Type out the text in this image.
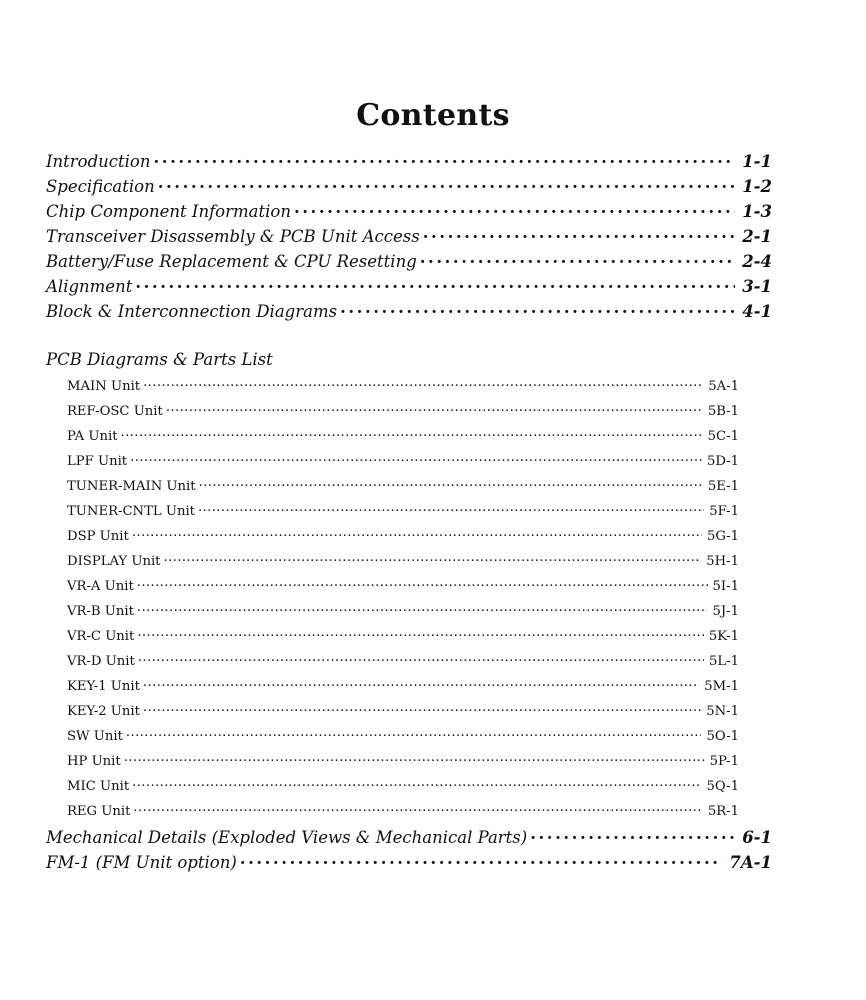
Contents
Introduction . . .	1-1
Specification . . .	1-2
Chip Component Information . . .	1-3
Transceiver Disassembly & PCB Unit Access . . .	2-1
Battery/Fuse Replacement & CPU Resetting . . .	2-4
Alignment . . .	3-1
Block & Interconnection Diagrams . . .	4-1
PCB Diagrams & Parts List
MAIN Unit . . .	5A-1
REF-OSC Unit . . .	5B-1
PA Unit . . .	5C-1
LPF Unit . . .	5D-1
TUNER-MAIN Unit . . .	5E-1
TUNER-CNTL Unit . . .	5F-1
DSP Unit . . .	5G-1
DISPLAY Unit . . .	5H-1
VR-A Unit . . .	5I-1
VR-B Unit . . .	5J-1
VR-C Unit . . .	5K-1
VR-D Unit . . .	5L-1
KEY-1 Unit . . .	5M-1
KEY-2 Unit . . .	5N-1
SW Unit . . .	5O-1
HP Unit . . .	5P-1
MIC Unit . . .	5Q-1
REG Unit . . .	5R-1
Mechanical Details (Exploded Views & Mechanical Parts) . . .	6-1
FM-1 (FM Unit option) . . .	7A-1
